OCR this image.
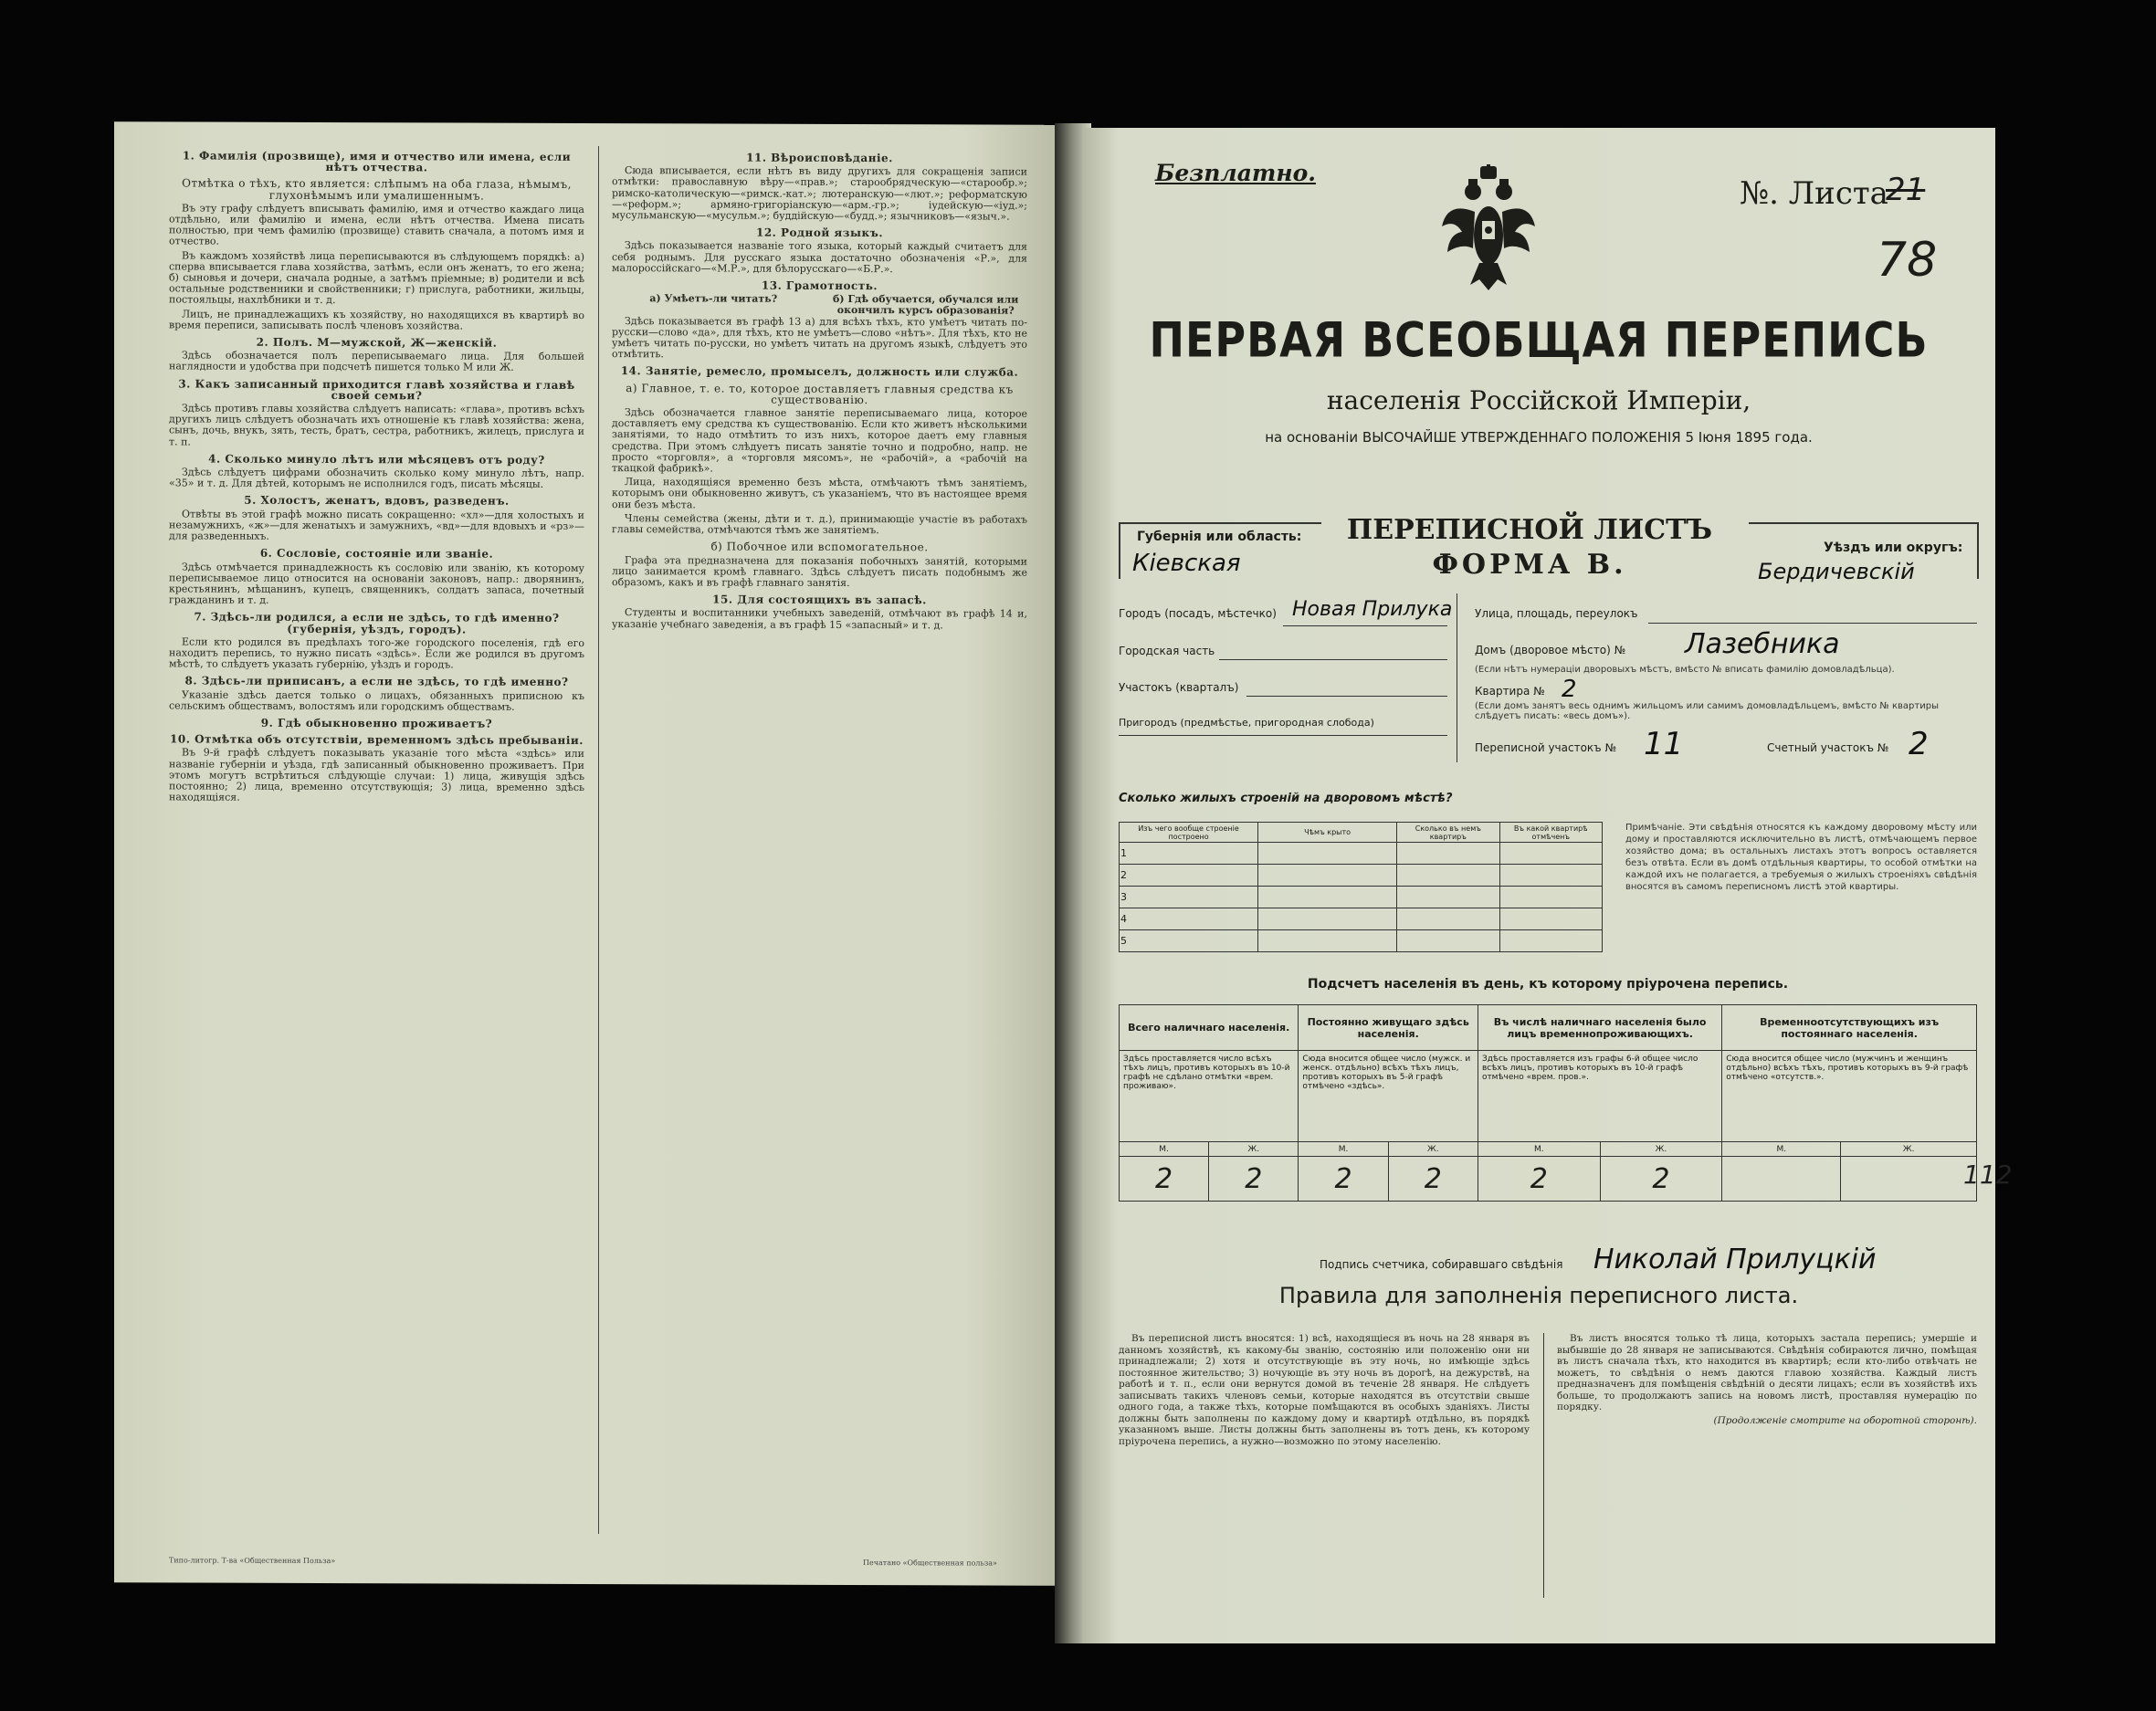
1. Фамилія (прозвище), имя и отчество или имена, если нѣтъ отчества.
Отмѣтка о тѣхъ, кто является: слѣпымъ на оба глаза, нѣмымъ, глухонѣмымъ или умалишеннымъ.

Въ эту графу слѣдуетъ вписывать фамилію, имя и отчество каждаго лица отдѣльно, или фамилію и имена, если нѣтъ отчества. Имена писать полностью, при чемъ фамилію (прозвище) ставить сначала, а потомъ имя и отчество.

Въ каждомъ хозяйствѣ лица переписываются въ слѣдующемъ порядкѣ: а) сперва вписывается глава хозяйства, затѣмъ, если онъ женатъ, то его жена; б) сыновья и дочери, сначала родные, а затѣмъ пріемные; в) родители и всѣ остальные родственники и свойственники; г) прислуга, работники, жильцы, постояльцы, нахлѣбники и т. д.

Лицъ, не принадлежащихъ къ хозяйству, но находящихся въ квартирѣ во время переписи, записывать послѣ членовъ хозяйства.

2. Полъ. М—мужской, Ж—женскій.

Здѣсь обозначается полъ переписываемаго лица. Для большей наглядности и удобства при подсчетѣ пишется только М или Ж.

3. Какъ записанный приходится главѣ хозяйства и главѣ своей семьи?

Здѣсь противъ главы хозяйства слѣдуетъ написать: «глава», противъ всѣхъ другихъ лицъ слѣдуетъ обозначать ихъ отношеніе къ главѣ хозяйства: жена, сынъ, дочь, внукъ, зять, тесть, братъ, сестра, работникъ, жилецъ, прислуга и т. п.

4. Сколько минуло лѣтъ или мѣсяцевъ отъ роду?

Здѣсь слѣдуетъ цифрами обозначить сколько кому минуло лѣтъ, напр. «35» и т. д. Для дѣтей, которымъ не исполнился годъ, писать мѣсяцы.

5. Холостъ, женатъ, вдовъ, разведенъ.

Отвѣты въ этой графѣ можно писать сокращенно: «хл»—для холостыхъ и незамужнихъ, «ж»—для женатыхъ и замужнихъ, «вд»—для вдовыхъ и «рз»—для разведенныхъ.

6. Сословіе, состояніе или званіе.

Здѣсь отмѣчается принадлежность къ сословію или званію, къ которому переписываемое лицо относится на основаніи законовъ, напр.: дворянинъ, крестьянинъ, мѣщанинъ, купецъ, священникъ, солдатъ запаса, почетный гражданинъ и т. д.

7. Здѣсь-ли родился, а если не здѣсь, то гдѣ именно? (губернія, уѣздъ, городъ).

Если кто родился въ предѣлахъ того-же городского поселенія, гдѣ его находитъ перепись, то нужно писать «здѣсь». Если же родился въ другомъ мѣстѣ, то слѣдуетъ указать губернію, уѣздъ и городъ.

8. Здѣсь-ли приписанъ, а если не здѣсь, то гдѣ именно?

Указаніе здѣсь дается только о лицахъ, обязанныхъ приписною къ сельскимъ обществамъ, волостямъ или городскимъ обществамъ.

9. Гдѣ обыкновенно проживаетъ?
10. Отмѣтка объ отсутствіи, временномъ здѣсь пребываніи.

Въ 9-й графѣ слѣдуетъ показывать указаніе того мѣста «здѣсь» или названіе губерніи и уѣзда, гдѣ записанный обыкновенно проживаетъ. При этомъ могутъ встрѣтиться слѣдующіе случаи: 1) лица, живущія здѣсь постоянно; 2) лица, временно отсутствующія; 3) лица, временно здѣсь находящіяся.

11. Вѣроисповѣданіе.

Сюда вписывается, если нѣтъ въ виду другихъ для сокращенія записи отмѣтки: православную вѣру—«прав.»; старообрядческую—«старообр.»; римско-католическую—«римск.-кат.»; лютеранскую—«лют.»; реформатскую—«реформ.»; армяно-григоріанскую—«арм.-гр.»; іудейскую—«іуд.»; мусульманскую—«мусульм.»; буддійскую—«будд.»; язычниковъ—«языч.».

12. Родной языкъ.

Здѣсь показывается названіе того языка, который каждый считаетъ для себя роднымъ. Для русскаго языка достаточно обозначенія «Р.», для малороссійскаго—«М.Р.», для бѣлорусскаго—«Б.Р.».

13. Грамотность.
а) Умѣетъ-ли читать?	б) Гдѣ обучается, обучался или окончилъ курсъ образованія?

Здѣсь показывается въ графѣ 13 а) для всѣхъ тѣхъ, кто умѣетъ читать по-русски—слово «да», для тѣхъ, кто не умѣетъ—слово «нѣтъ». Для тѣхъ, кто не умѣетъ читать по-русски, но умѣетъ читать на другомъ языкѣ, слѣдуетъ это отмѣтить.

14. Занятіе, ремесло, промыселъ, должность или служба.
а) Главное, т. е. то, которое доставляетъ главныя средства къ существованію.

Здѣсь обозначается главное занятіе переписываемаго лица, которое доставляетъ ему средства къ существованію. Если кто живетъ нѣсколькими занятіями, то надо отмѣтить то изъ нихъ, которое даетъ ему главныя средства. При этомъ слѣдуетъ писать занятіе точно и подробно, напр. не просто «торговля», а «торговля мясомъ», не «рабочій», а «рабочій на ткацкой фабрикѣ».

Лица, находящіяся временно безъ мѣста, отмѣчаютъ тѣмъ занятіемъ, которымъ они обыкновенно живутъ, съ указаніемъ, что въ настоящее время они безъ мѣста.

Члены семейства (жены, дѣти и т. д.), принимающіе участіе въ работахъ главы семейства, отмѣчаются тѣмъ же занятіемъ.

б) Побочное или вспомогательное.

Графа эта предназначена для показанія побочныхъ занятій, которыми лицо занимается кромѣ главнаго. Здѣсь слѣдуетъ писать подобнымъ же образомъ, какъ и въ графѣ главнаго занятія.

15. Для состоящихъ въ запасѣ.

Студенты и воспитанники учебныхъ заведеній, отмѣчают въ графѣ 14 и, указаніе учебнаго заведенія, а въ графѣ 15 «запасный» и т. д.

Типо-литогр. Т-ва «Общественная Польза»	Печатано «Общественная польза»
Безплатно.
№. Листа
21
78
ПЕРВАЯ ВСЕОБЩАЯ ПЕРЕПИСЬ
населенія Россійской Имперіи,
на основаніи ВЫСОЧАЙШЕ УТВЕРЖДЕННАГО ПОЛОЖЕНІЯ 5 Іюня 1895 года.
Губернія или область:
Кіевская
ПЕРЕПИСНОЙ ЛИСТЪ
ФОРМА В.
Уѣздъ или округъ:
Бердичевскій
Городъ (посадъ, мѣстечко) Новая Прилука
Городская часть
Участокъ (кварталъ)
Пригородъ (предмѣстье, пригородная слобода)
Улица, площадь, переулокъ
Домъ (дворовое мѣсто) № Лазебника
(Если нѣтъ нумераціи дворовыхъ мѣстъ, вмѣсто № вписать фамилію домовладѣльца).
Квартира № 2
(Если домъ занятъ весь однимъ жильцомъ или самимъ домовладѣльцемъ, вмѣсто № квартиры слѣдуетъ писать: «весь домъ»).
Переписной участокъ № 11	Счетный участокъ № 2
Сколько жилыхъ строеній на дворовомъ мѣстѣ?
Изъ чего вообще строеніе построено	Чѣмъ крыто	Сколько въ немъ квартиръ	Въ какой квартирѣ отмѣченъ
1			
2			
3			
4			
5			
Примѣчаніе. Эти свѣдѣнія относятся къ каждому дворовому мѣсту или дому и проставляются исключительно въ листѣ, отмѣчающемъ первое хозяйство дома; въ остальныхъ листахъ этотъ вопросъ оставляется безъ отвѣта. Если въ домѣ отдѣльныя квартиры, то особой отмѣтки на каждой ихъ не полагается, а требуемыя о жилыхъ строеніяхъ свѣдѣнія вносятся въ самомъ переписномъ листѣ этой квартиры.
Подсчетъ населенія въ день, къ которому пріурочена перепись.
Всего наличнаго населенія.		Постоянно живущаго здѣсь населенія.		Въ числѣ наличнаго населенія было лицъ временнопроживающихъ.		Временноотсутствующихъ изъ постояннаго населенія.	
Здѣсь проставляется число всѣхъ тѣхъ лицъ, противъ которыхъ въ 10-й графѣ не сдѣлано отмѣтки «врем. проживаю».		Сюда вносится общее число (мужск. и женск. отдѣльно) всѣхъ тѣхъ лицъ, противъ которыхъ въ 5-й графѣ отмѣчено «здѣсь».		Здѣсь проставляется изъ графы 6-й общее число всѣхъ лицъ, противъ которыхъ въ 10-й графѣ отмѣчено «врем. пров.».		Сюда вносится общее число (мужчинъ и женщинъ отдѣльно) всѣхъ тѣхъ, противъ которыхъ въ 9-й графѣ отмѣчено «отсутств.».	
М.	Ж.	М.	Ж.	М.	Ж.	М.	Ж.
2	2	2	2	2	2		
Подпись счетчика, собиравшаго свѣдѣнія Николай Прилуцкій
Правила для заполненія переписного листа.

Въ переписной листъ вносятся: 1) всѣ, находящіеся въ ночь на 28 января въ данномъ хозяйствѣ, къ какому-бы званію, состоянію или положенію они ни принадлежали; 2) хотя и отсутствующіе въ эту ночь, но имѣющіе здѣсь постоянное жительство; 3) ночующіе въ эту ночь въ дорогѣ, на дежурствѣ, на работѣ и т. п., если они вернутся домой въ теченіе 28 января. Не слѣдуетъ записывать такихъ членовъ семьи, которые находятся въ отсутствіи свыше одного года, а также тѣхъ, которые помѣщаются въ особыхъ зданіяхъ. Листы должны быть заполнены по каждому дому и квартирѣ отдѣльно, въ порядкѣ указанномъ выше. Листы должны быть заполнены въ тотъ день, къ которому пріурочена перепись, а нужно—возможно по этому населенію.

Въ листъ вносятся только тѣ лица, которыхъ застала перепись; умершіе и выбывшіе до 28 января не записываются. Свѣдѣнія собираются лично, помѣщая въ листъ сначала тѣхъ, кто находится въ квартирѣ; если кто-либо отвѣчать не можетъ, то свѣдѣнія о немъ даются главою хозяйства. Каждый листъ предназначенъ для помѣщенія свѣдѣній о десяти лицахъ; если въ хозяйствѣ ихъ больше, то продолжаютъ запись на новомъ листѣ, проставляя нумерацію по порядку.

(Продолженіе смотрите на оборотной сторонѣ).

112
